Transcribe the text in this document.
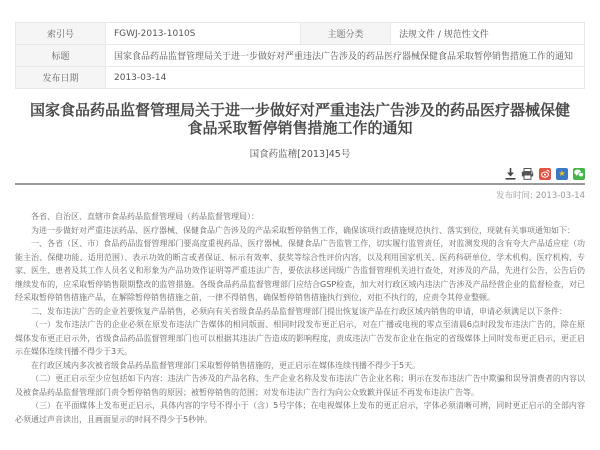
索引号	FGWJ-2013-1010S	主题分类	法规文件 / 规范性文件
标题	国家食品药品监督管理局关于进一步做好对严重违法广告涉及的药品医疗器械保健食品采取暂停销售措施工作的通知		
发布日期	2013-03-14		
国家食品药品监督管理局关于进一步做好对严重违法广告涉及的药品医疗器械保健食品采取暂停销售措施工作的通知
国食药监稽[2013]45号
★
发布时间: 2013-03-14

各省、自治区、直辖市食品药品监督管理局（药品监督管理局）：

为进一步做好对严重违法药品、医疗器械、保健食品广告涉及的产品采取暂停销售工作，确保该项行政措施规范执行、落实到位，现就有关事项通知如下：

一、各省（区、市）食品药品监督管理部门要高度重视药品、医疗器械、保健食品广告监管工作，切实履行监管责任，对监测发现的含有夸大产品适应症（功能主治、保健功能、适用范围）、表示功效的断言或者保证、标示有效率、获奖等综合性评价内容，以及利用国家机关、医药科研单位、学术机构、医疗机构、专家、医生、患者及其工作人员名义和形象为产品功效作证明等严重违法广告，要依法移送同级广告监督管理机关进行查处，对涉及的产品，先进行公告，公告后仍继续发布的，应采取暂停销售限期整改的监管措施。各级食品药品监督管理部门应结合GSP检查，加大对行政区域内违法广告涉及产品经营企业的监督检查，对已经采取暂停销售措施产品，在解除暂停销售措施之前，一律不得销售，确保暂停销售措施执行到位，对拒不执行的，应责令其停业整顿。

二、发布违法广告的企业若要恢复产品销售，必须向有关省级食品药品监督管理部门提出恢复该产品在行政区域内销售的申请，申请必须满足以下条件：

（一）发布违法广告的企业必须在原发布违法广告媒体的相同版面、相同时段发布更正启示，对在广播或电视的零点至清晨6点时段发布违法广告的，除在原媒体发布更正启示外，省级食品药品监督管理部门也可以根据其违法广告造成的影响程度，责成违法广告发布企业在指定的省级媒体上同时发布更正启示，更正启示在媒体连续刊播不得少于3天。

在行政区域内多次被省级食品药品监督管理部门采取暂停销售措施的，更正启示在媒体连续刊播不得少于5天。

（二）更正启示至少应包括如下内容：违法广告涉及的产品名称、生产企业名称及发布违法广告企业名称；明示在发布违法广告中欺骗和误导消费者的内容以及被食品药品监督管理部门责令暂停销售的原因；被暂停销售的范围；对发布违法广告行为向公众致歉并保证不再发布违法广告等。

（三）在平面媒体上发布更正启示，具体内容的字号不得小于（含）5号字体；在电视媒体上发布的更正启示，字体必须清晰可辨，同时更正启示的全部内容必须通过声音读出，且画面显示的时间不得少于5秒钟。
